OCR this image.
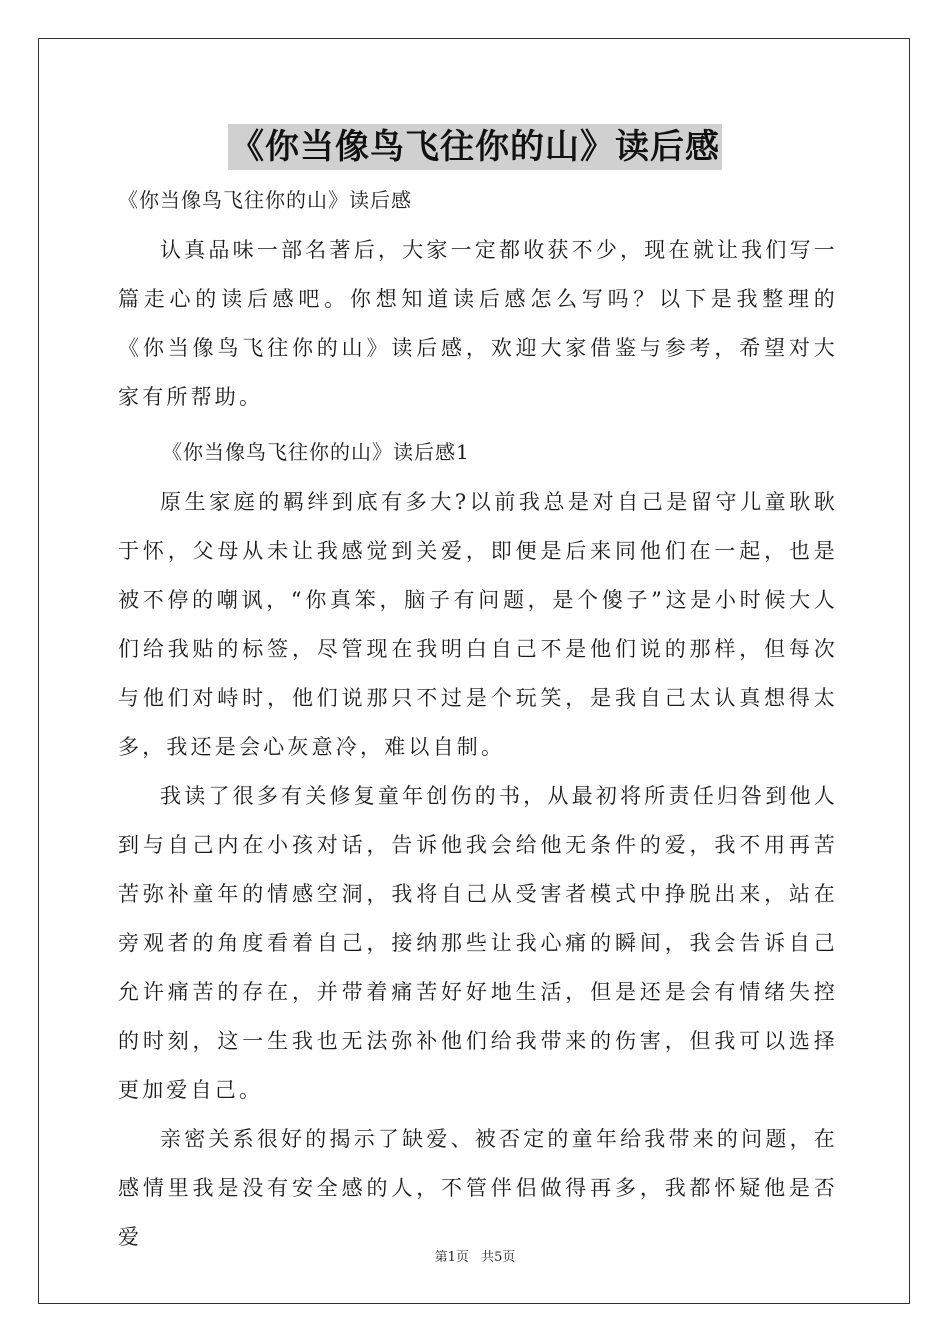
《你当像鸟飞往你的山》读后感

《你当像鸟飞往你的山》读后感

认真品味一部名著后，大家一定都收获不少，现在就让我们写一篇走心的读后感吧。你想知道读后感怎么写吗？以下是我整理的《你当像鸟飞往你的山》读后感，欢迎大家借鉴与参考，希望对大家有所帮助。

《你当像鸟飞往你的山》读后感1

原生家庭的羁绊到底有多大?以前我总是对自己是留守儿童耿耿于怀，父母从未让我感觉到关爱，即便是后来同他们在一起，也是被不停的嘲讽，“你真笨，脑子有问题，是个傻子”这是小时候大人们给我贴的标签，尽管现在我明白自己不是他们说的那样，但每次与他们对峙时，他们说那只不过是个玩笑，是我自己太认真想得太多，我还是会心灰意冷，难以自制。

我读了很多有关修复童年创伤的书，从最初将所责任归咎到他人到与自己内在小孩对话，告诉他我会给他无条件的爱，我不用再苦苦弥补童年的情感空洞，我将自己从受害者模式中挣脱出来，站在旁观者的角度看着自己，接纳那些让我心痛的瞬间，我会告诉自己允许痛苦的存在，并带着痛苦好好地生活，但是还是会有情绪失控的时刻，这一生我也无法弥补他们给我带来的伤害，但我可以选择更加爱自己。

亲密关系很好的揭示了缺爱、被否定的童年给我带来的问题，在感情里我是没有安全感的人，不管伴侣做得再多，我都怀疑他是否爱

第1页 共5页
